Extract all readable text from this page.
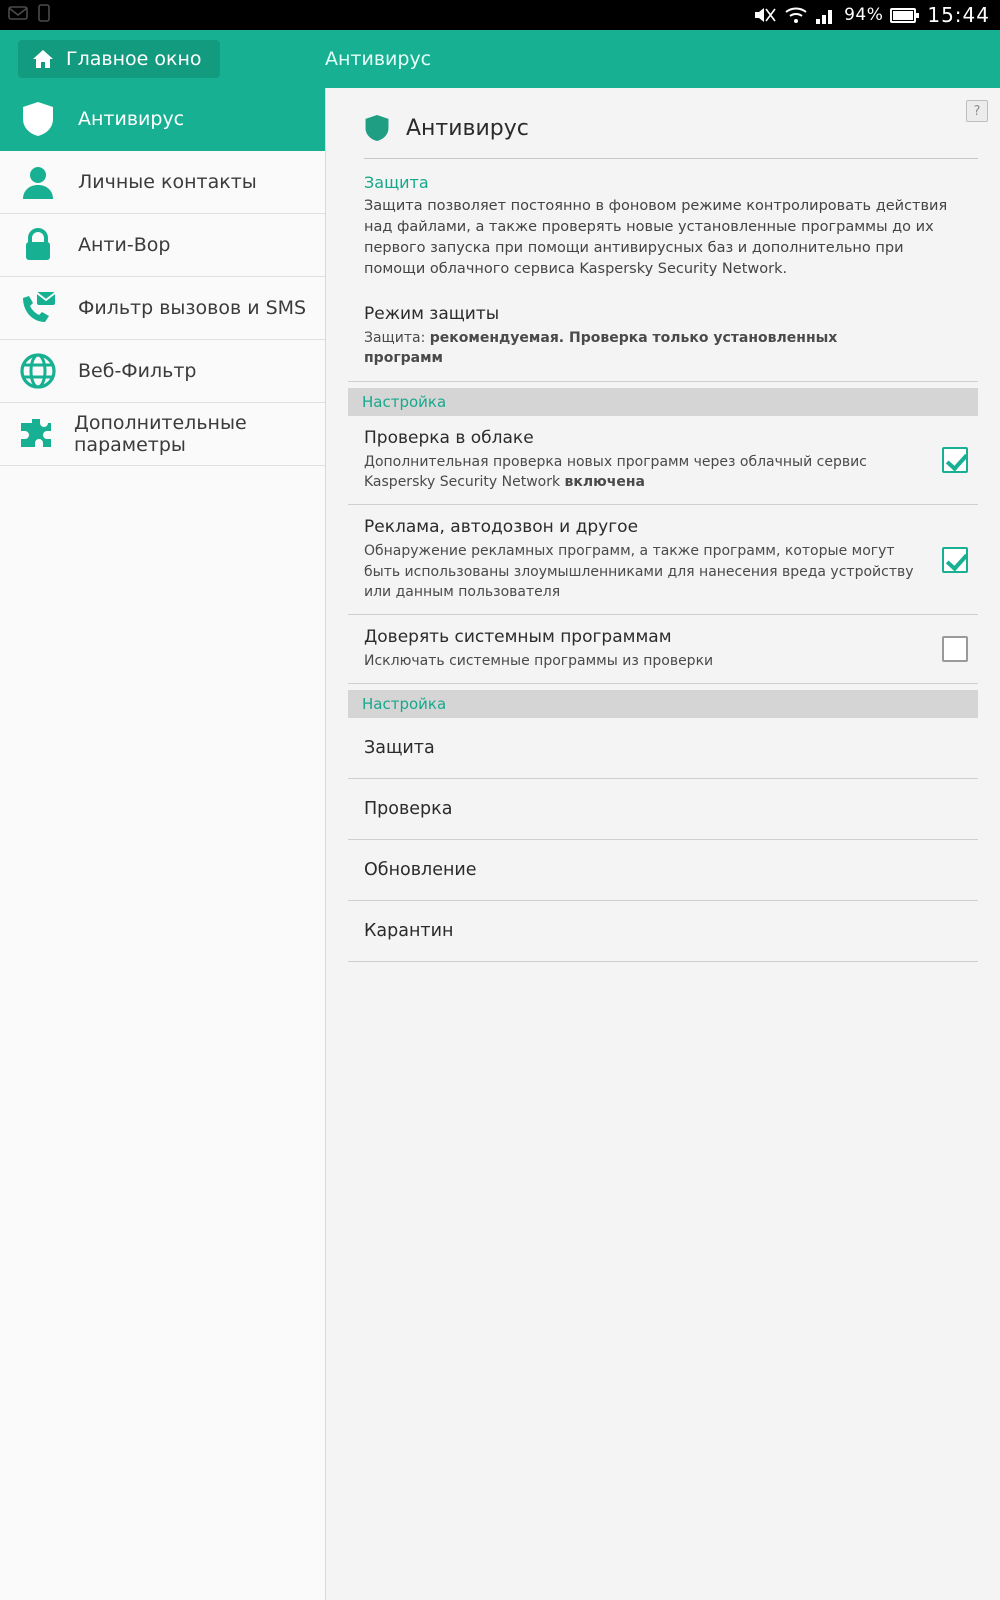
94% 15:44
Главное окно	Антивирус
Антивирус
Личные контакты
Анти-Вор
Фильтр вызовов и SMS
Веб-Фильтр
Дополнительные параметры
?
Антивирус
Защита
Защита позволяет постоянно в фоновом режиме контролировать действия над файлами, а также проверять новые установленные программы до их первого запуска при помощи антивирусных баз и дополнительно при помощи облачного сервиса Kaspersky Security Network.
Режим защиты
Защита: рекомендуемая. Проверка только установленных программ
Настройка
Проверка в облаке
Дополнительная проверка новых программ через облачный сервис Kaspersky Security Network включена
Реклама, автодозвон и другое
Обнаружение рекламных программ, а также программ, которые могут быть использованы злоумышленниками для нанесения вреда устройству или данным пользователя
Доверять системным программам
Исключать системные программы из проверки
Настройка
Защита
Проверка
Обновление
Карантин
